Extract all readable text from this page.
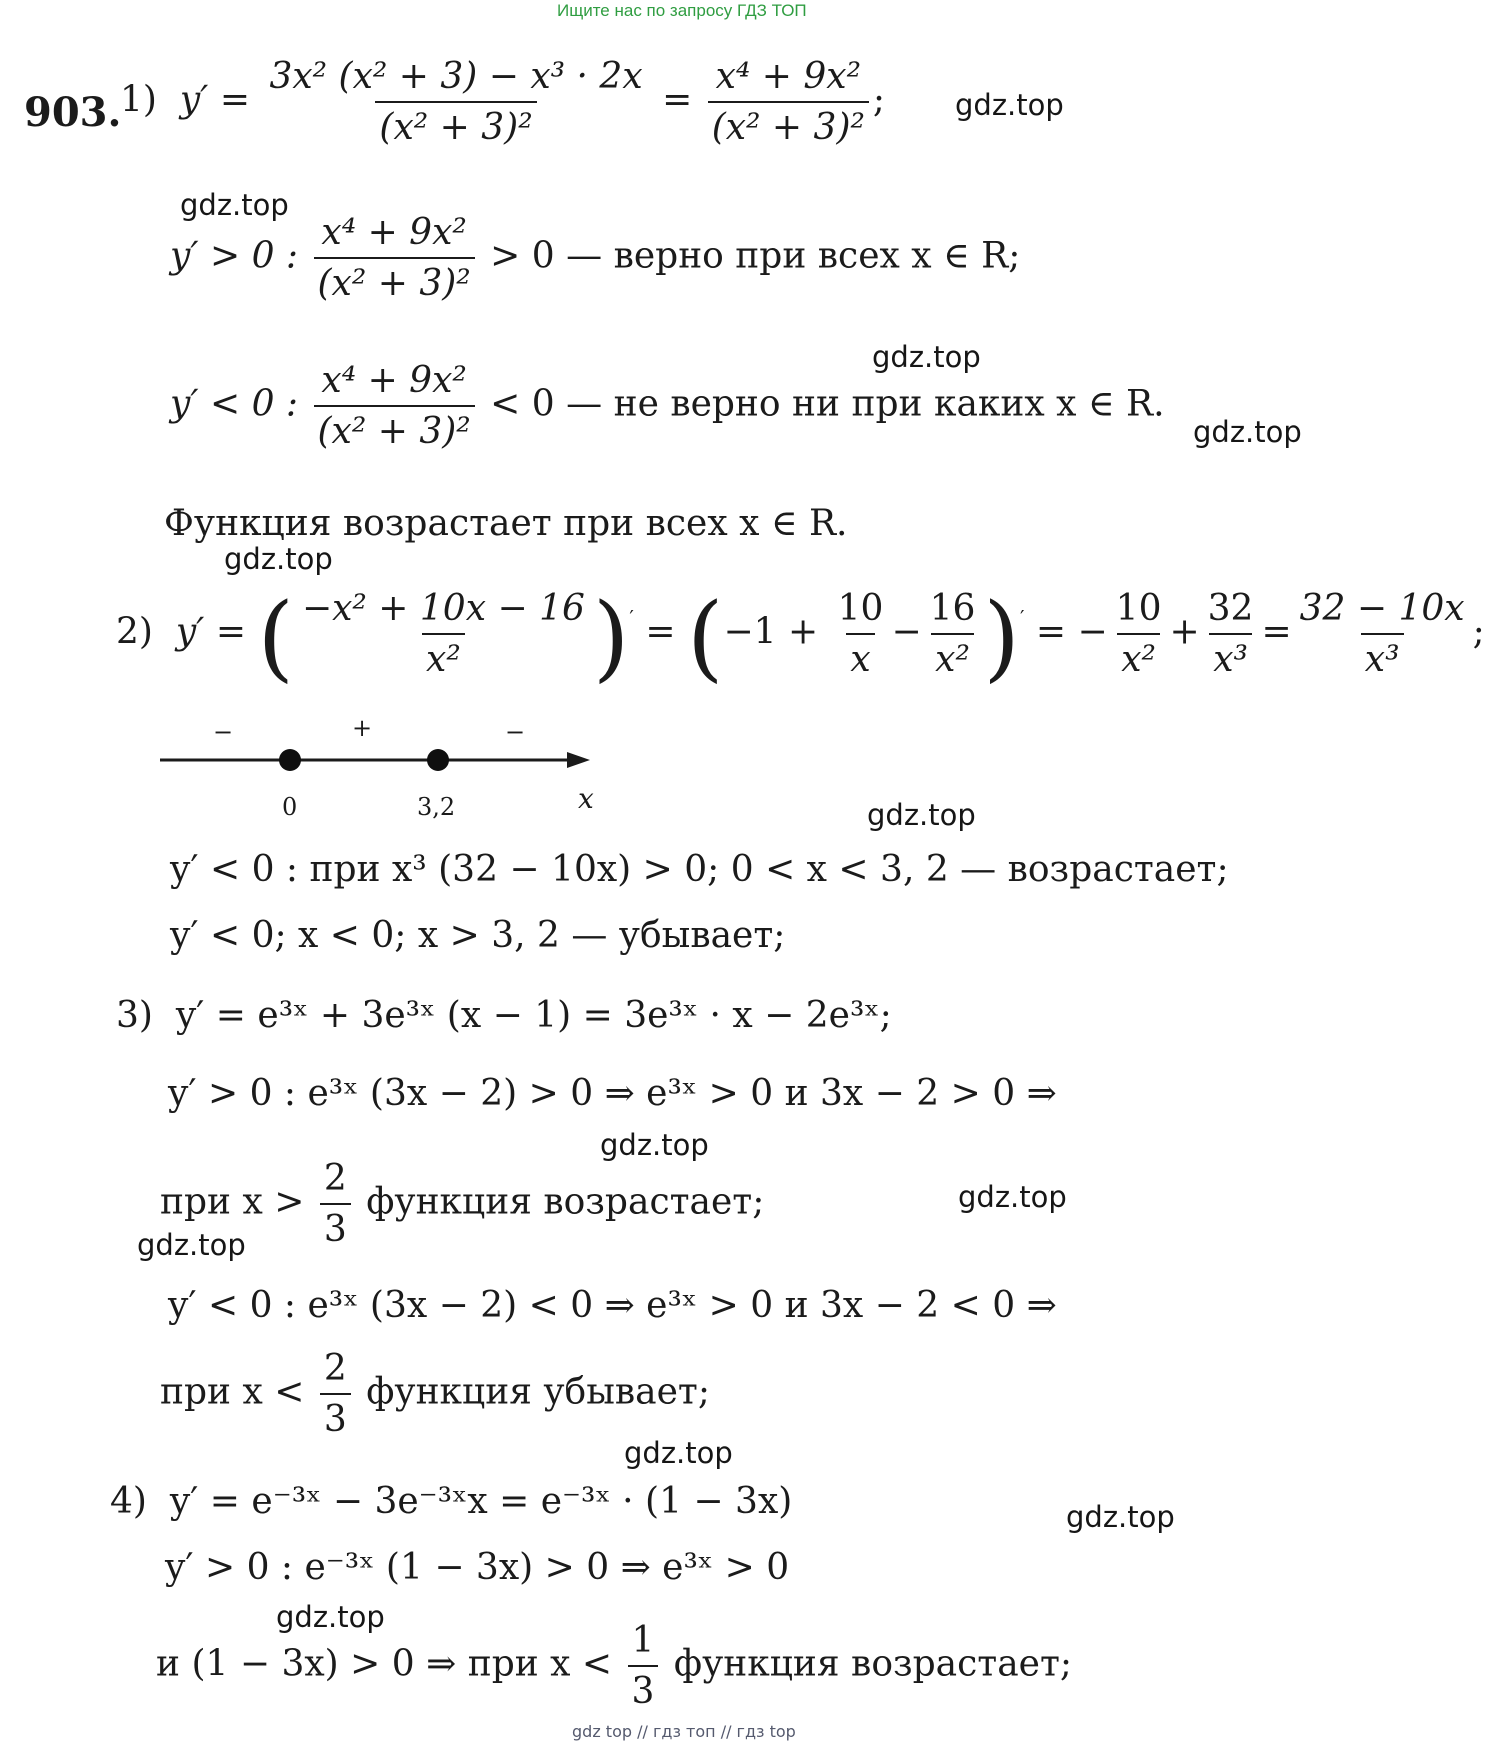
Ищите нас по запросу ГДЗ ТОП
903.
1) $y' = \frac{\text{3x² (x² + 3) − x³ · 2x}}{\text{(x² + 3)²}} = \frac{\text{x⁴ + 9x²}}{\text{(x² + 3)²}}$ ;
y′ > 0 : $\frac{\text{x⁴ + 9x²}}{\text{(x² + 3)²}} > 0$ — верно при всех x ∈ R;
y′ < 0 : $\frac{\text{x⁴ + 9x²}}{\text{(x² + 3)²}} < 0$ — не верно ни при каких x ∈ R.
Функция возрастает при всех x ∈ R.
2) y′ = ( $\frac{\text{−x² + 10x − 16}}{\text{x²}} )' = (-1 + \frac{10}{x} - \frac{16}{\text{x²}} )'$ = − $\frac{10}{\text{x²}} + \frac{32}{\text{x³}} = \frac{32 - 10x}{\text{x³}}$ ;
−	+	−
0	3,2	x
y′ < 0 : при x³ (32 − 10x) > 0; 0 < x < 3, 2 — возрастает;
y′ < 0; x < 0; x > 3, 2 — убывает;
3) y′ = e³ˣ + 3e³ˣ (x − 1) = 3e³ˣ · x − 2e³ˣ;
y′ > 0 : e³ˣ (3x − 2) > 0 ⇒ e³ˣ > 0 и 3x − 2 > 0 ⇒
при $x > \frac{2}{3}$ функция возрастает;
y′ < 0 : e³ˣ (3x − 2) < 0 ⇒ e³ˣ > 0 и 3x − 2 < 0 ⇒
при $x < \frac{2}{3}$ функция убывает;
4) y′ = e⁻³ˣ − 3e⁻³ˣx = e⁻³ˣ · (1 − 3x)
y′ > 0 : e⁻³ˣ (1 − 3x) > 0 ⇒ e³ˣ > 0
и (1 − 3x) > 0 ⇒ при $x < \frac{1}{3}$ функция возрастает;
gdz.top
gdz.top
gdz.top
gdz.top
gdz.top
gdz.top
gdz.top
gdz.top
gdz.top
gdz.top
gdz.top
gdz.top
gdz top // гдз топ // гдз top
